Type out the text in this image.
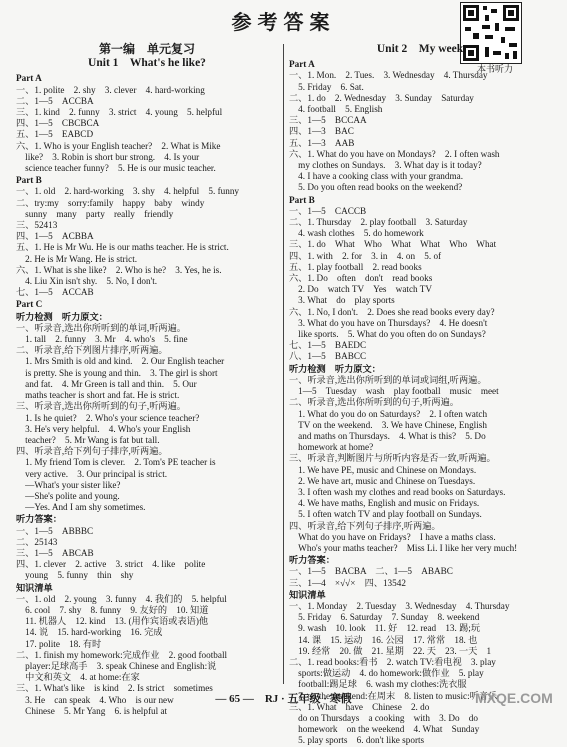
参考答案
本书听力
第一编　单元复习
Unit 1　What's he like?
Part A
一、1. polite　2. shy　3. clever　4. hard-working
二、1—5　ACCBA
三、1. kind　2. funny　3. strict　4. young　5. helpful
四、1—5　CBCBCA
五、1—5　EABCD
六、1. Who is your English teacher?　2. What is Mike
　like?　3. Robin is short bur strong.　4. Is your
　science teacher funny?　5. He is our music teacher.
Part B
一、1. old　2. hard-working　3. shy　4. helpful　5. funny
二、try:my　sorry:family　happy　baby　windy
　sunny　many　party　really　friendly
三、52413
四、1—5　ACBBA
五、1. He is Mr Wu. He is our maths teacher. He is strict.
　2. He is Mr Wang. He is strict.
六、1. What is she like?　2. Who is he?　3. Yes, he is.
　4. Liu Xin isn't shy.　5. No, I don't.
七、1—5　ACCAB
Part C
听力检测　听力原文：
一、听录音,选出你所听到的单词,听两遍。
　1. tall　2. funny　3. Mr　4. who's　5. fine
二、听录音,给下列图片排序,听两遍。
　1. Mrs Smith is old and kind.　2. Our English teacher
　is pretty. She is young and thin.　3. The girl is short
　and fat.　4. Mr Green is tall and thin.　5. Our
　maths teacher is short and fat. He is strict.
三、听录音,选出你所听到的句子,听两遍。
　1. Is he quiet?　2. Who's your science teacher?
　3. He's very helpful.　4. Who's your English
　teacher?　5. Mr Wang is fat but tall.
四、听录音,给下列句子排序,听两遍。
　1. My friend Tom is clever.　2. Tom's PE teacher is
　very active.　3. Our principal is strict.
　—What's your sister like?
　—She's polite and young.
　—Yes. And I am shy sometimes.
听力答案：
一、1—5　ABBBC
二、25143
三、1—5　ABCAB
四、1. clever　2. active　3. strict　4. like　polite
　young　5. funny　thin　shy
知识清单
一、1. old　2. young　3. funny　4. 我们的　5. helpful
　6. cool　7. shy　8. funny　9. 友好的　10. 知道
　11. 机器人　12. kind　13. (用作宾语或表语)他
　14. 说　15. hard-working　16. 完成
　17. polite　18. 有时
二、1. finish my homework:完成作业　2. good football
　player:足球高手　3. speak Chinese and English:说
　中文和英文　4. at home:在家
三、1. What's like　is kind　2. Is strict　sometimes
　3. He　can speak　4. Who　is our new
　Chinese　5. Mr Yang　6. is helpful at
Unit 2　My week
Part A
一、1. Mon.　2. Tues.　3. Wednesday　4. Thursday
　5. Friday　6. Sat.
二、1. do　2. Wednesday　3. Sunday　Saturday
　4. football　5. English
三、1—5　BCCAA
四、1—3　BAC
五、1—3　AAB
六、1. What do you have on Mondays?　2. I often wash
　my clothes on Sundays.　3. What day is it today?
　4. I have a cooking class with your grandma.
　5. Do you often read books on the weekend?
Part B
一、1—5　CACCB
二、1. Thursday　2. play football　3. Saturday
　4. wash clothes　5. do homework
三、1. do　What　Who　What　What　Who　What
四、1. with　2. for　3. in　4. on　5. of
五、1. play football　2. read books
六、1. Do　often　don't　read books
　2. Do　watch TV　Yes　watch TV
　3. What　do　play sports
六、1. No, I don't.　2. Does she read books every day?
　3. What do you have on Thursdays?　4. He doesn't
　like sports.　5. What do you often do on Sundays?
七、1—5　BAEDC
八、1—5　BABCC
听力检测　听力原文：
一、听录音,选出你所听到的单词或词组,听两遍。
　1—5　Tuesday　wash　play football　music　meet
二、听录音,选出你所听到的句子,听两遍。
　1. What do you do on Saturdays?　2. I often watch
　TV on the weekend.　3. We have Chinese, English
　and maths on Thursdays.　4. What is this?　5. Do
　homework at home?
三、听录音,判断图片与所听内容是否一致,听两遍。
　1. We have PE, music and Chinese on Mondays.
　2. We have art, music and Chinese on Tuesdays.
　3. I often wash my clothes and read books on Saturdays.
　4. We have maths, English and music on Fridays.
　5. I often watch TV and play football on Sundays.
四、听录音,给下列句子排序,听两遍。
　What do you have on Fridays?　I have a maths class.
　Who's your maths teacher?　Miss Li. I like her very much!
听力答案：
一、1—5　BACBA　二、1—5　ABABC
三、1—4　×√√×　四、13542
知识清单
一、1. Monday　2. Tuesday　3. Wednesday　4. Thursday
　5. Friday　6. Saturday　7. Sunday　8. weekend
　9. wash　10. look　11. 好　12. read　13. 踢;玩
　14. 课　15. 运动　16. 公园　17. 常常　18. 也
　19. 经常　20. 做　21. 星期　22. 天　23. 一天　1
二、1. read books:看书　2. watch TV:看电视　3. play
　sports:做运动　4. do homework:做作业　5. play
　football:踢足球　6. wash my clothes:洗衣服
　7. on the weekend:在周末　8. listen to music:听音乐
三、1. What　have　Chinese　2. do
　do on Thursdays　a cooking　with　3. Do　do
　homework　on the weekend　4. What　Sunday
　5. play sports　6. don't like sports
— 65 —　RJ · 五年级 · 寒假	MXQE.COM
